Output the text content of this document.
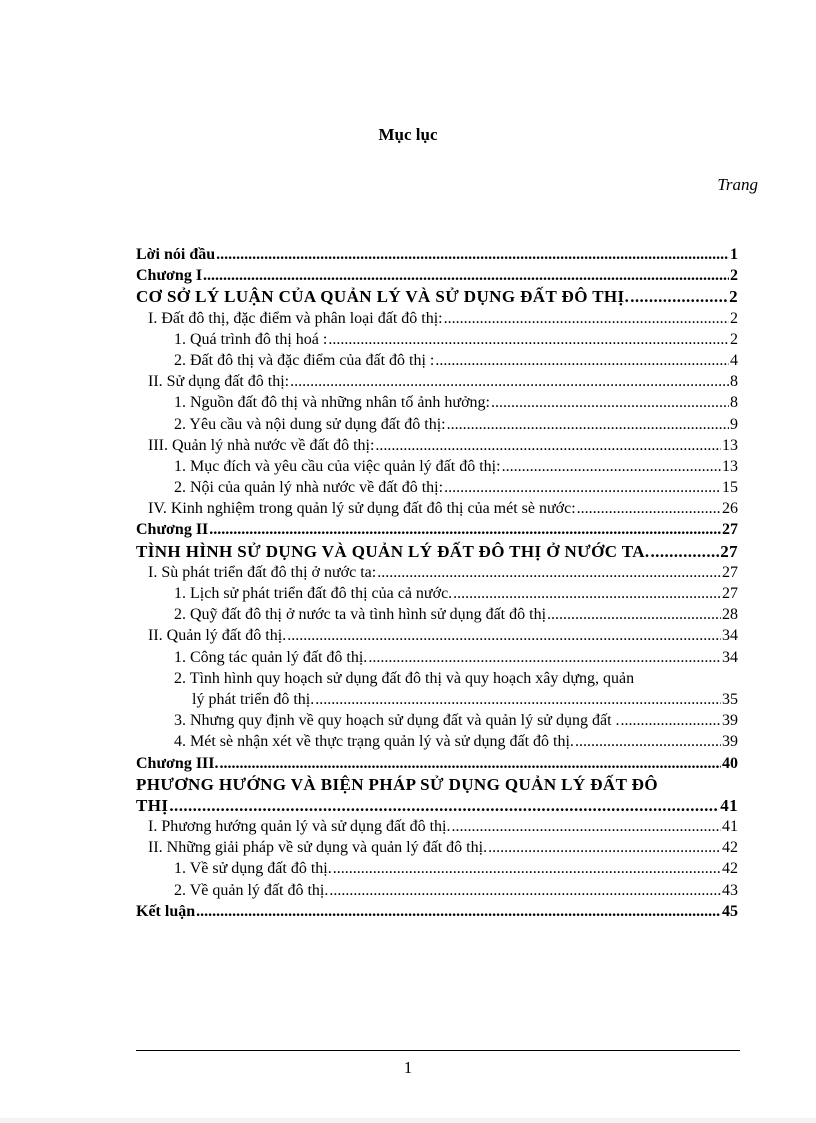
Mục lục
Trang
Lời nói đầu .....	1
Chương I .....	2
CƠ SỞ LÝ LUẬN CỦA QUẢN LÝ VÀ SỬ DỤNG ĐẤT ĐÔ THỊ. .....	2
I. Đất đô thị, đặc điểm và phân loại đất đô thị: .....	2
1. Quá trình đô thị hoá : .....	2
2. Đất đô thị và đặc điểm của đất đô thị : .....	4
II. Sử dụng đất đô thị: .....	8
1. Nguồn đất đô thị và những nhân tố ảnh hưởng: .....	8
2. Yêu cầu và nội dung sử dụng đất đô thị: .....	9
III. Quản lý nhà nước về đất đô thị: .....	13
1. Mục đích và yêu cầu của việc quản lý đất đô thị: .....	13
2. Nội của quản lý nhà nước về đất đô thị: .....	15
IV. Kinh nghiệm trong quản lý sử dụng đất đô thị của mét sè nước: .....	26
Chương II .....	27
TÌNH HÌNH SỬ DỤNG VÀ QUẢN LÝ ĐẤT ĐÔ THỊ Ở NƯỚC TA. .....	27
I. Sù phát triển đất đô thị ở nước ta: .....	27
1. Lịch sử phát triển đất đô thị của cả nước. .....	27
2. Quỹ đất đô thị ở nước ta và tình hình sử dụng đất đô thị .....	28
II. Quản lý đất đô thị. .....	34
1. Công tác quản lý đất đô thị. .....	34
2. Tình hình quy hoạch sử dụng đất đô thị và quy hoạch xây dựng, quản
lý phát triển đô thị. .....	35
3. Nhưng quy định về quy hoạch sử dụng đất và quản lý sử dụng đất . .....	39
4. Mét sè nhận xét về thực trạng quản lý và sử dụng đất đô thị. .....	39
Chương III. .....	40
PHƯƠNG HƯỚNG VÀ BIỆN PHÁP SỬ DỤNG QUẢN LÝ ĐẤT ĐÔ
THỊ .....	41
I. Phương hướng quản lý và sử dụng đất đô thị. .....	41
II. Những giải pháp về sử dụng và quản lý đất đô thị. .....	42
1. Về sử dụng đất đô thị. .....	42
2. Về quản lý đất đô thị. .....	43
Kết luận .....	45
1
